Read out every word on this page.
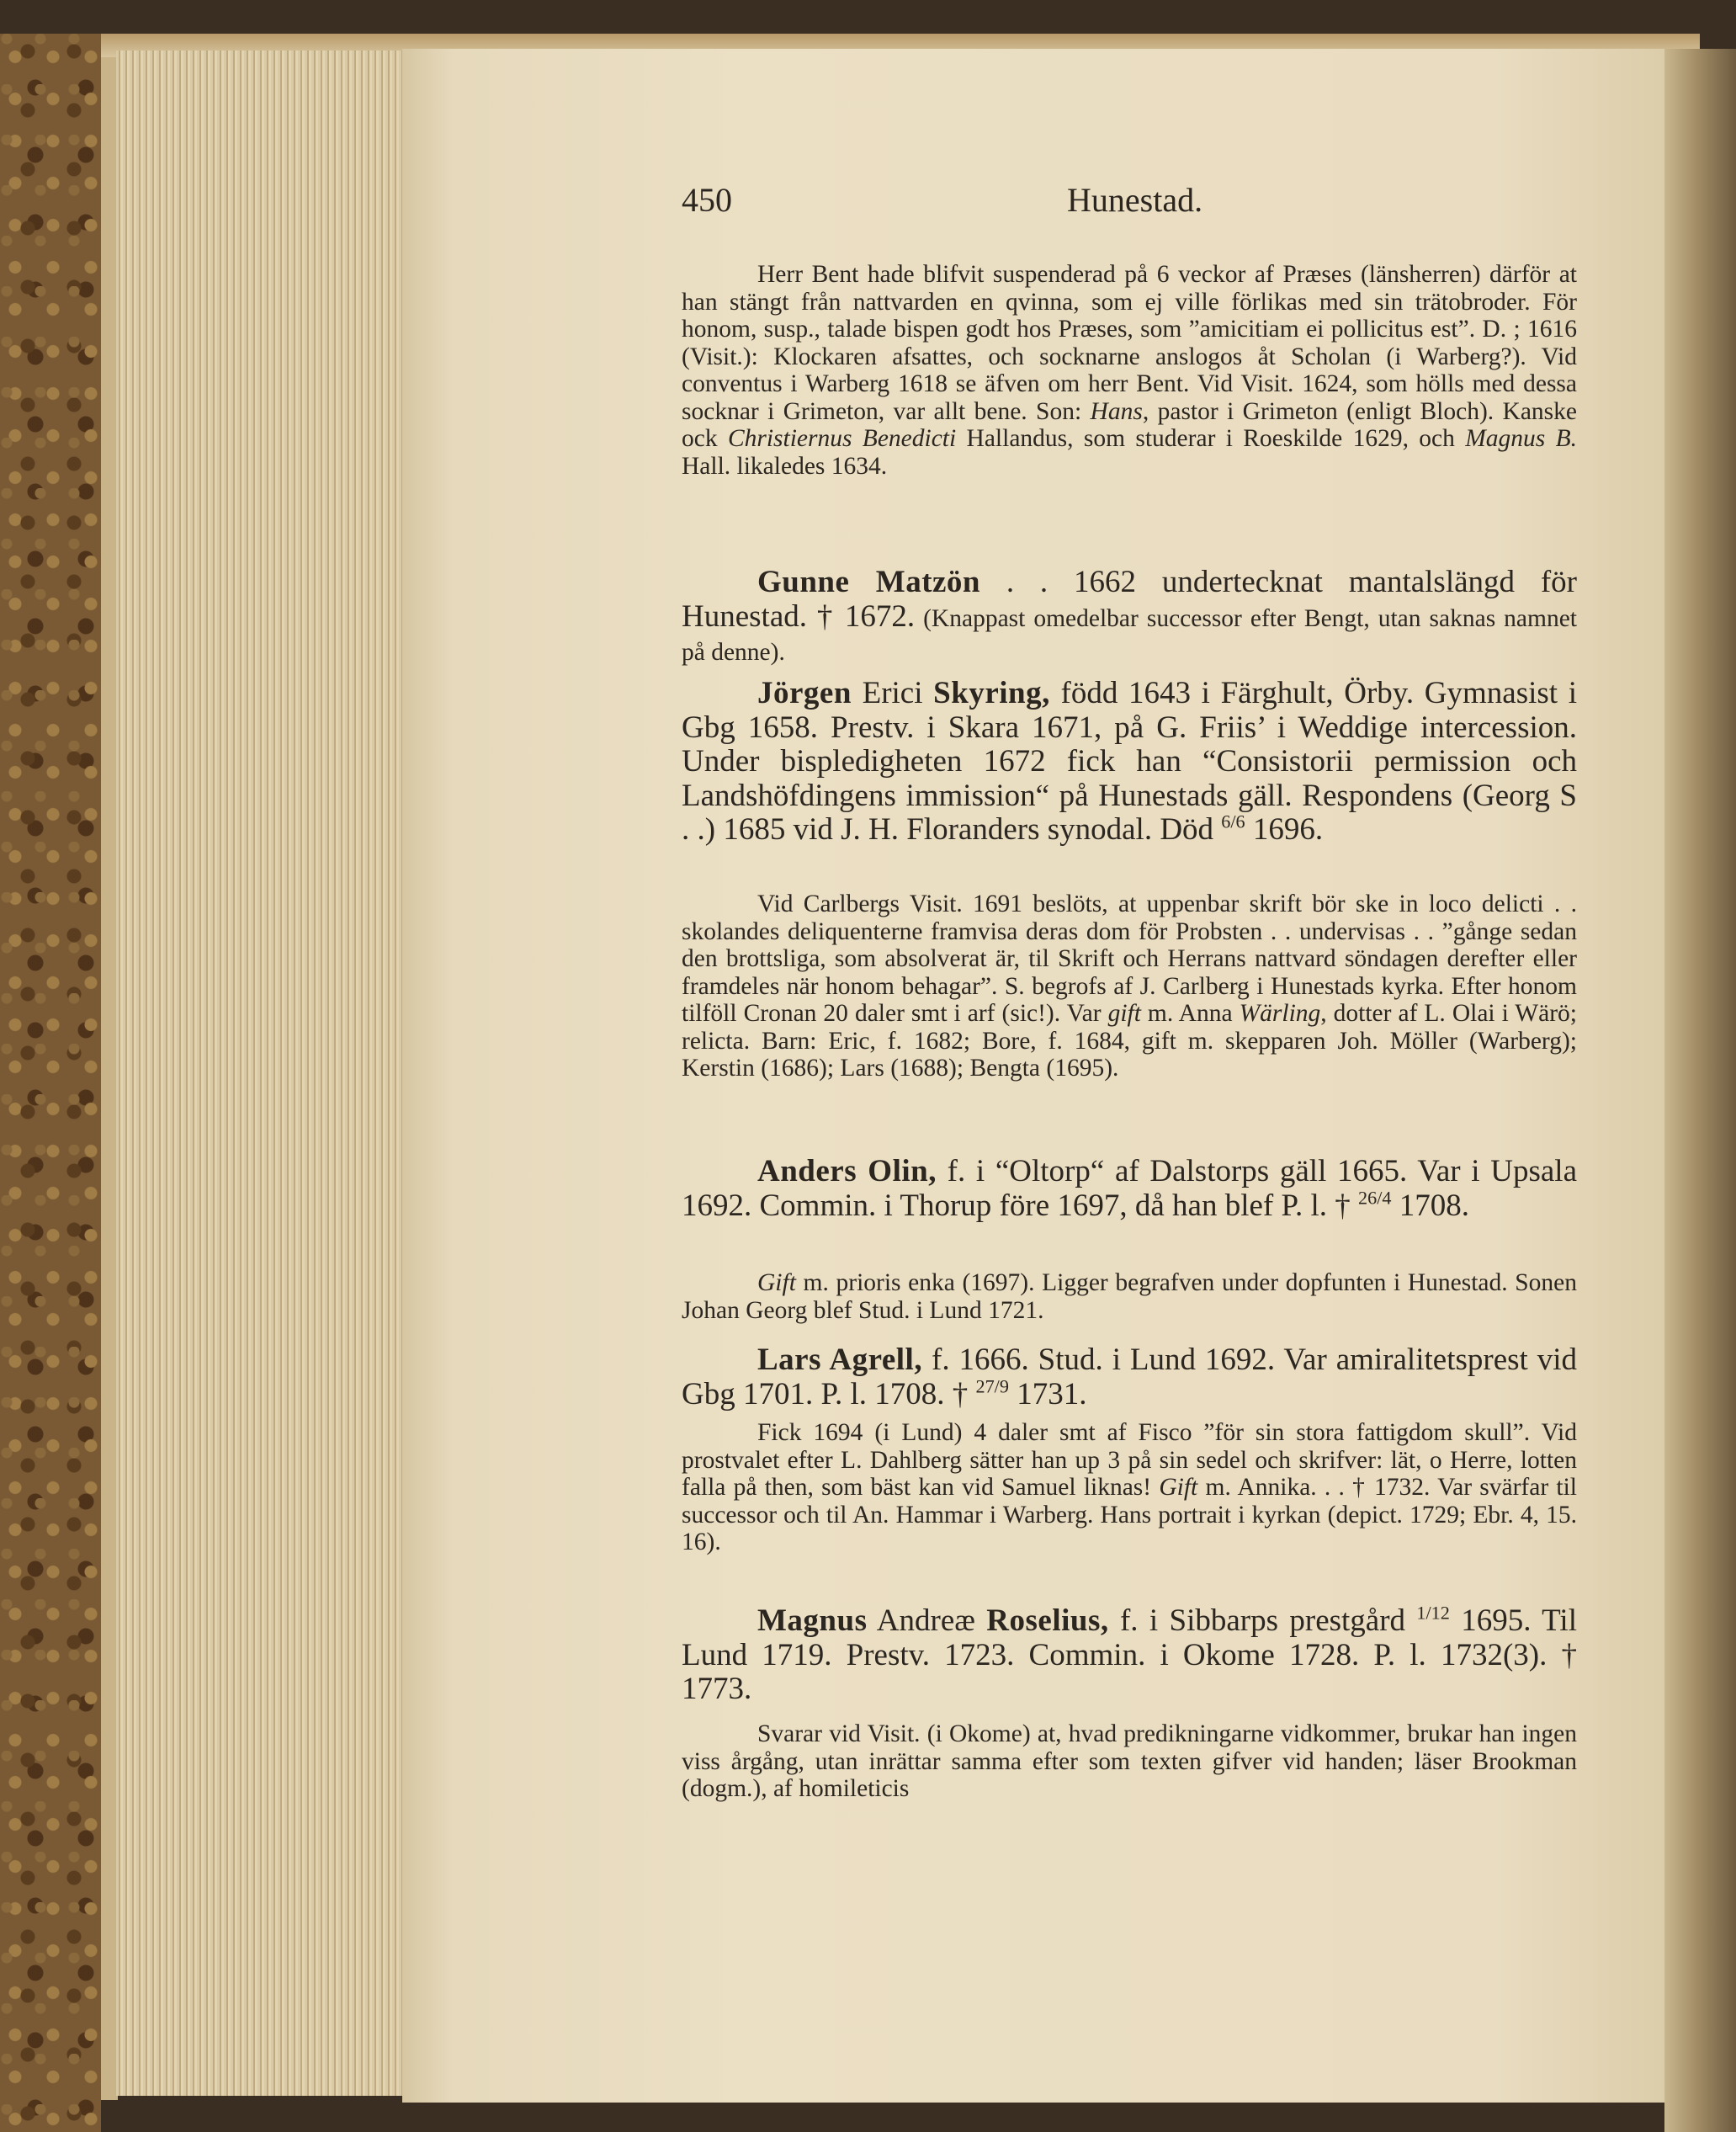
450	Hunestad.
Herr Bent hade blifvit suspenderad på 6 veckor af Præses (länsherren) därför at han stängt från nattvarden en qvinna, som ej ville förlikas med sin trätobroder. För honom, susp., talade bispen godt hos Præses, som ”amicitiam ei pollicitus est”. D. ; 1616 (Visit.): Klockaren afsattes, och socknarne anslogos åt Scholan (i Warberg?). Vid conventus i Warberg 1618 se äfven om herr Bent. Vid Visit. 1624, som hölls med dessa socknar i Grimeton, var allt bene. Son: Hans, pastor i Grimeton (enligt Bloch). Kanske ock Christiernus Benedicti Hallandus, som studerar i Roeskilde 1629, och Magnus B. Hall. likaledes 1634.
Gunne Matzön . . 1662 undertecknat mantalslängd för Hunestad. † 1672. (Knappast omedelbar successor efter Bengt, utan saknas namnet på denne).
Jörgen Erici Skyring, född 1643 i Färghult, Örby. Gymnasist i Gbg 1658. Prestv. i Skara 1671, på G. Friis’ i Weddige intercession. Under bispledigheten 1672 fick han “Consistorii permission och Landshöfdingens immission“ på Hunestads gäll. Respondens (Georg S . .) 1685 vid J. H. Floranders synodal. Död $^{6/6}$ 1696.
Vid Carlbergs Visit. 1691 beslöts, at uppenbar skrift bör ske in loco delicti . . skolandes deliquenterne framvisa deras dom för Probsten . . undervisas . . ”gånge sedan den brottsliga, som absolverat är, til Skrift och Herrans nattvard söndagen derefter eller framdeles när honom behagar”. S. begrofs af J. Carlberg i Hunestads kyrka. Efter honom tilföll Cronan 20 daler smt i arf (sic!). Var gift m. Anna Wärling, dotter af L. Olai i Wärö; relicta. Barn: Eric, f. 1682; Bore, f. 1684, gift m. skepparen Joh. Möller (Warberg); Kerstin (1686); Lars (1688); Bengta (1695).
Anders Olin, f. i “Oltorp“ af Dalstorps gäll 1665. Var i Upsala 1692. Commin. i Thorup före 1697, då han blef P. l. † $^{26/4}$ 1708.
Gift m. prioris enka (1697). Ligger begrafven under dopfunten i Hunestad. Sonen Johan Georg blef Stud. i Lund 1721.
Lars Agrell, f. 1666. Stud. i Lund 1692. Var amiralitetsprest vid Gbg 1701. P. l. 1708. † $^{27/9}$ 1731.
Fick 1694 (i Lund) 4 daler smt af Fisco ”för sin stora fattigdom skull”. Vid prostvalet efter L. Dahlberg sätter han up 3 på sin sedel och skrifver: lät, o Herre, lotten falla på then, som bäst kan vid Samuel liknas! Gift m. Annika. . . † 1732. Var svärfar til successor och til An. Hammar i Warberg. Hans portrait i kyrkan (depict. 1729; Ebr. 4, 15. 16).
Magnus Andreæ Roselius, f. i Sibbarps prestgård $^{1/12}$ 1695. Til Lund 1719. Prestv. 1723. Commin. i Okome 1728. P. l. 1732(3). † 1773.
Svarar vid Visit. (i Okome) at, hvad predikningarne vidkommer, brukar han ingen viss årgång, utan inrättar samma efter som texten gifver vid handen; läser Brookman (dogm.), af homileticis
